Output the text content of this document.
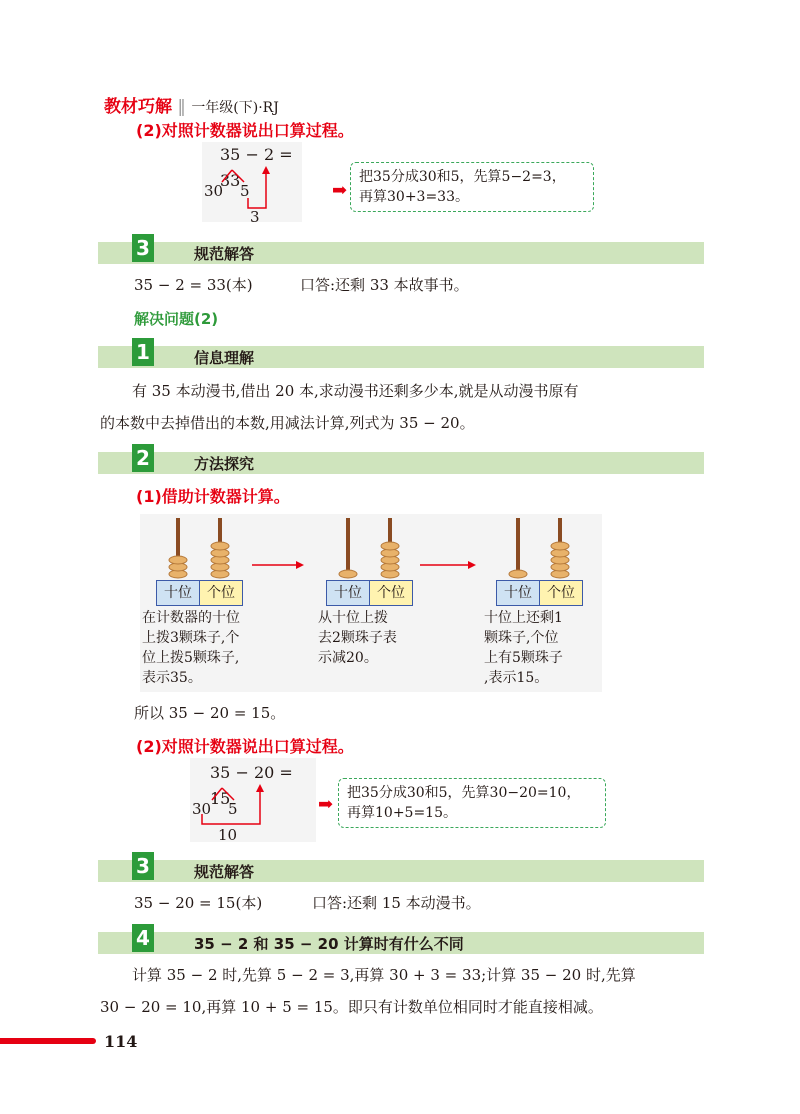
教材巧解 ‖ 一年级(下)·RJ
(2)对照计数器说出口算过程。
35 − 2 = 33
30 5
3
➡
把35分成30和5，先算5−2=3，
再算30+3=33。
3	规范解答
35 − 2 = 33(本)	口答:还剩 33 本故事书。
解决问题(2)
1	信息理解
有 35 本动漫书,借出 20 本,求动漫书还剩多少本,就是从动漫书原有
的本数中去掉借出的本数,用减法计算,列式为 35 − 20。
2	方法探究
(1)借助计数器计算。
十位	个位
在计数器的十位
上拨3颗珠子,个
位上拨5颗珠子,
表示35。
十位	个位
从十位上拨
去2颗珠子表
示减20。
十位	个位
十位上还剩1
颗珠子,个位
上有5颗珠子
,表示15。
所以 35 − 20 = 15。
(2)对照计数器说出口算过程。
35 − 20 = 15
30 5
10
➡
把35分成30和5，先算30−20=10，
再算10+5=15。
3	规范解答
35 − 20 = 15(本)	口答:还剩 15 本动漫书。
4	35 − 2 和 35 − 20 计算时有什么不同
计算 35 − 2 时,先算 5 − 2 = 3,再算 30 + 3 = 33;计算 35 − 20 时,先算
30 − 20 = 10,再算 10 + 5 = 15。即只有计数单位相同时才能直接相减。
114
